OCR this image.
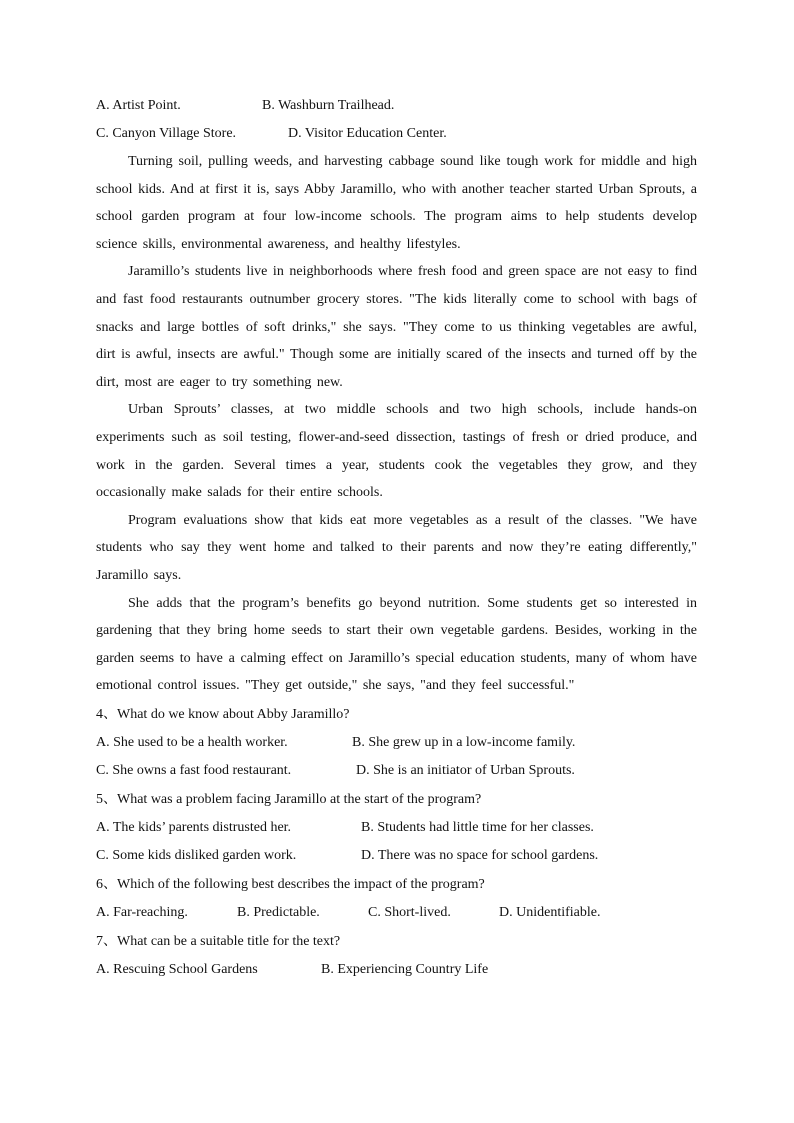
A. Artist Point.	B. Washburn Trailhead.
C. Canyon Village Store.	D. Visitor Education Center.

Turning soil, pulling weeds, and harvesting cabbage sound like tough work for middle and high school kids. And at first it is, says Abby Jaramillo, who with another teacher started Urban Sprouts, a school garden program at four low-income schools. The program aims to help students develop science skills, environmental awareness, and healthy lifestyles.

Jaramillo’s students live in neighborhoods where fresh food and green space are not easy to find and fast food restaurants outnumber grocery stores. "The kids literally come to school with bags of snacks and large bottles of soft drinks," she says. "They come to us thinking vegetables are awful, dirt is awful, insects are awful." Though some are initially scared of the insects and turned off by the dirt, most are eager to try something new.

Urban Sprouts’ classes, at two middle schools and two high schools, include hands-on experiments such as soil testing, flower-and-seed dissection, tastings of fresh or dried produce, and work in the garden. Several times a year, students cook the vegetables they grow, and they occasionally make salads for their entire schools.

Program evaluations show that kids eat more vegetables as a result of the classes. "We have students who say they went home and talked to their parents and now they’re eating differently," Jaramillo says.

She adds that the program’s benefits go beyond nutrition. Some students get so interested in gardening that they bring home seeds to start their own vegetable gardens. Besides, working in the garden seems to have a calming effect on Jaramillo’s special education students, many of whom have emotional control issues. "They get outside," she says, "and they feel successful."

4、What do we know about Abby Jaramillo?
A. She used to be a health worker.	B. She grew up in a low-income family.
C. She owns a fast food restaurant.	D. She is an initiator of Urban Sprouts.
5、What was a problem facing Jaramillo at the start of the program?
A. The kids’ parents distrusted her.	B. Students had little time for her classes.
C. Some kids disliked garden work.	D. There was no space for school gardens.
6、Which of the following best describes the impact of the program?
A. Far-reaching.	B. Predictable.	C. Short-lived.	D. Unidentifiable.
7、What can be a suitable title for the text?
A. Rescuing School Gardens	B. Experiencing Country Life
